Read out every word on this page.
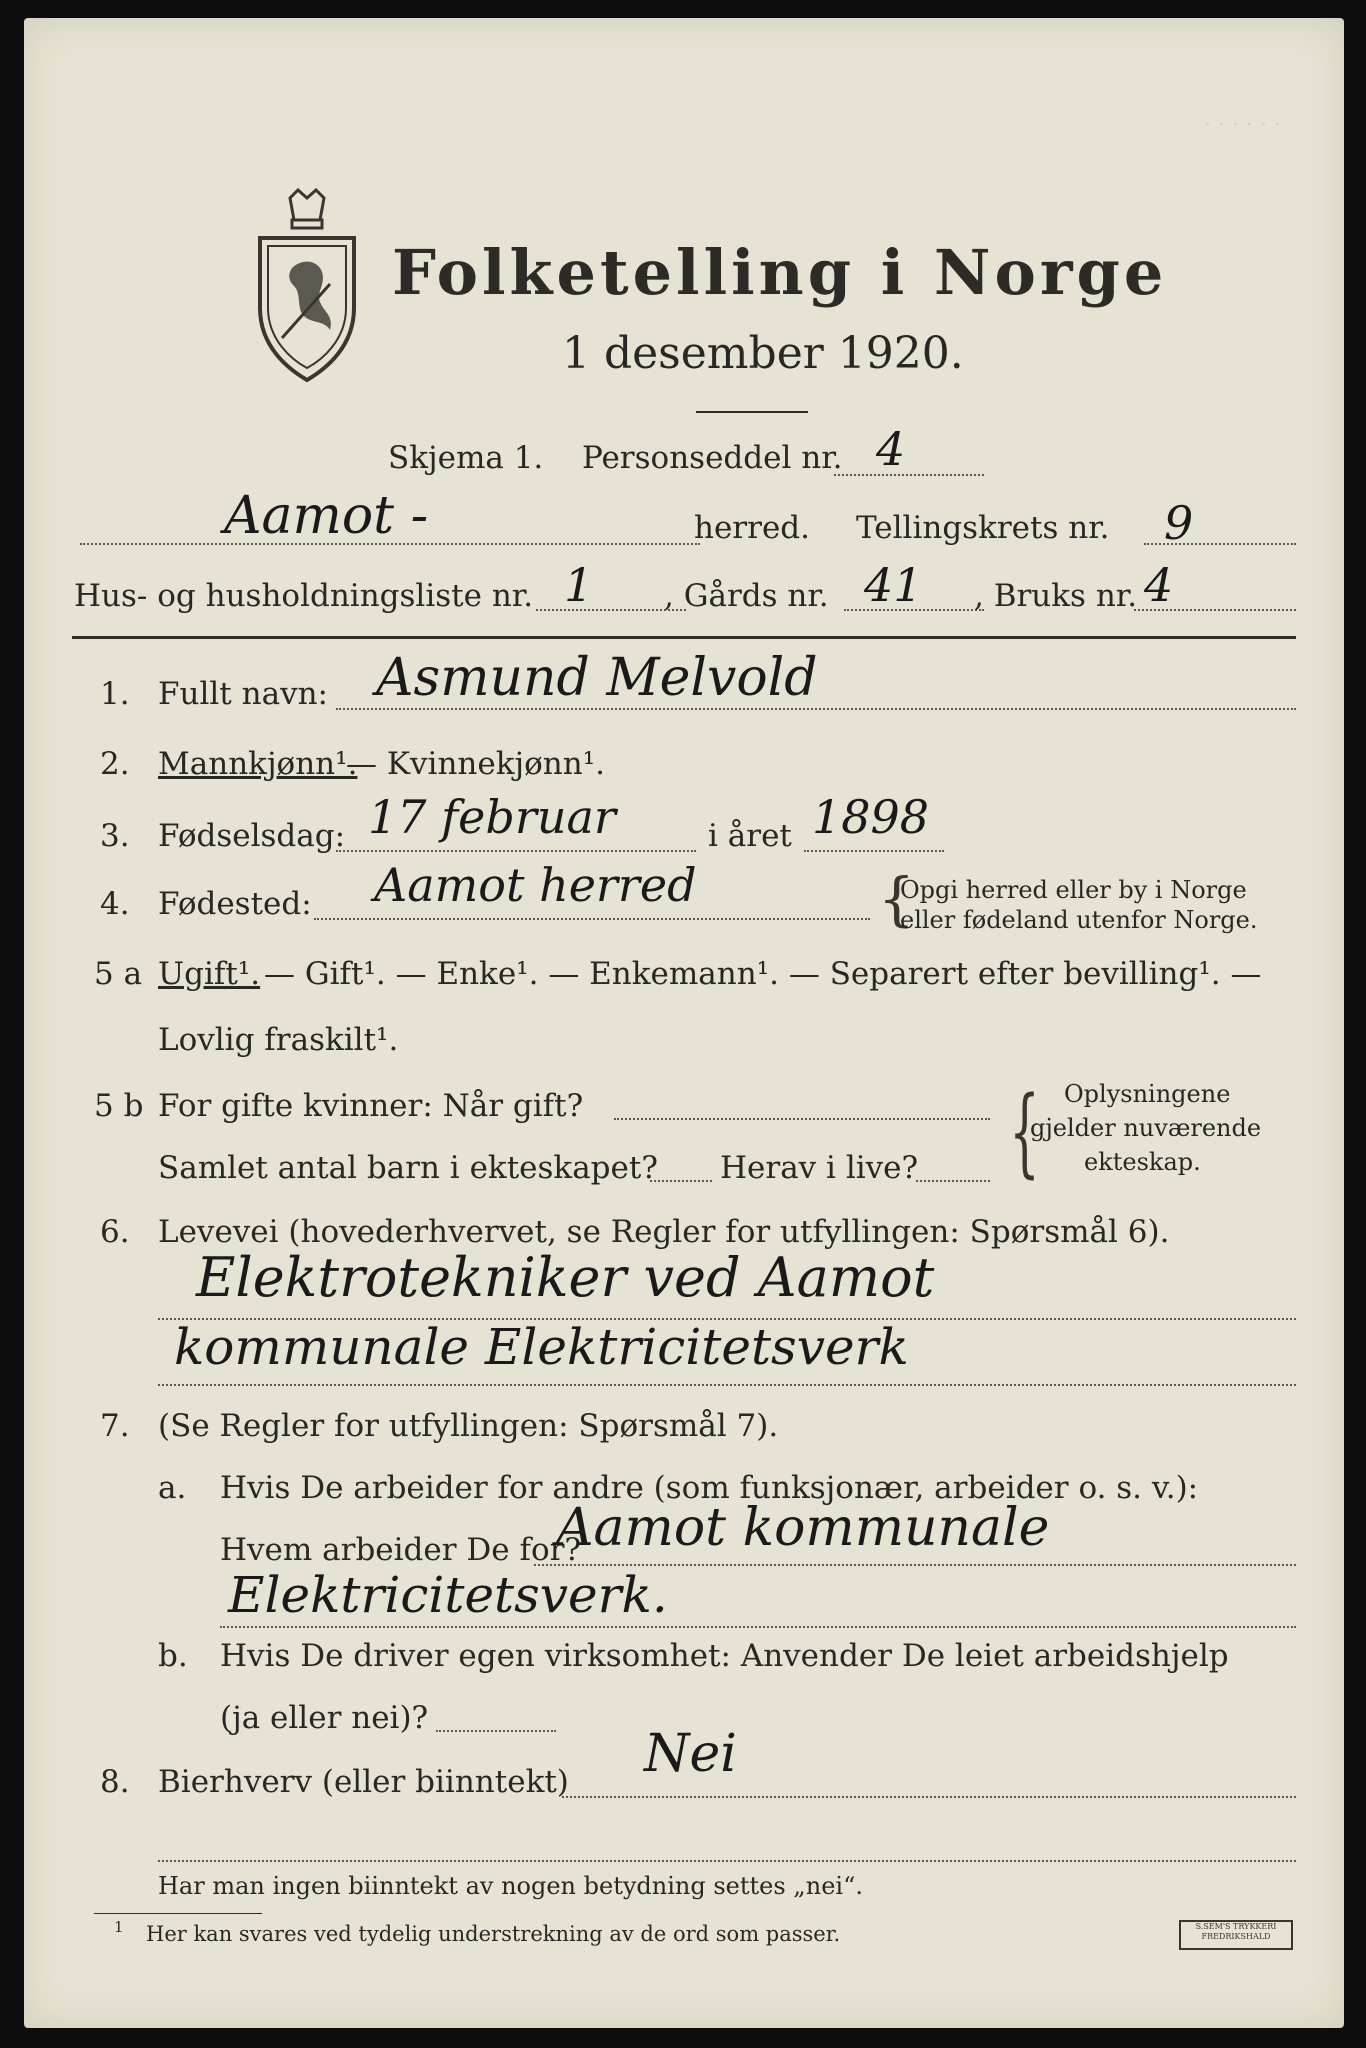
· · · · · ·
Folketelling i Norge
1 desember 1920.
Skjema 1. Personseddel nr. 4
Aamot -	herred. Tellingskrets nr. 9
Hus- og husholdningsliste nr. 1 , Gårds nr. 41 , Bruks nr. 4
1. Fullt navn: Asmund Melvold
2. Mannkjønn¹.
— Kvinnekjønn¹.
3. Fødselsdag: 17 februar	i året 1898
4. Fødested: Aamot herred	{
Opgi herred eller by i Norge
eller fødeland utenfor Norge.
5 a Ugift¹. — Gift¹. — Enke¹. — Enkemann¹. — Separert efter bevilling¹. —
Lovlig fraskilt¹.
5 b For gifte kvinner: Når gift?
Samlet antal barn i ekteskapet? Herav i live? { Oplysningene
gjelder nuværende
ekteskap.
6. Levevei (hovederhvervet, se Regler for utfyllingen: Spørsmål 6).
Elektrotekniker ved Aamot
kommunale Elektricitetsverk
7. (Se Regler for utfyllingen: Spørsmål 7).
a. Hvis De arbeider for andre (som funksjonær, arbeider o. s. v.):
Hvem arbeider De for?
Aamot kommunale
Elektricitetsverk.
b. Hvis De driver egen virksomhet: Anvender De leiet arbeidshjelp
(ja eller nei)?
8. Bierhverv (eller biinntekt) Nei
Har man ingen biinntekt av nogen betydning settes „nei“.
1 Her kan svares ved tydelig understrekning av de ord som passer.	S.SEM'S TRYKKERI
FREDRIKSHALD
